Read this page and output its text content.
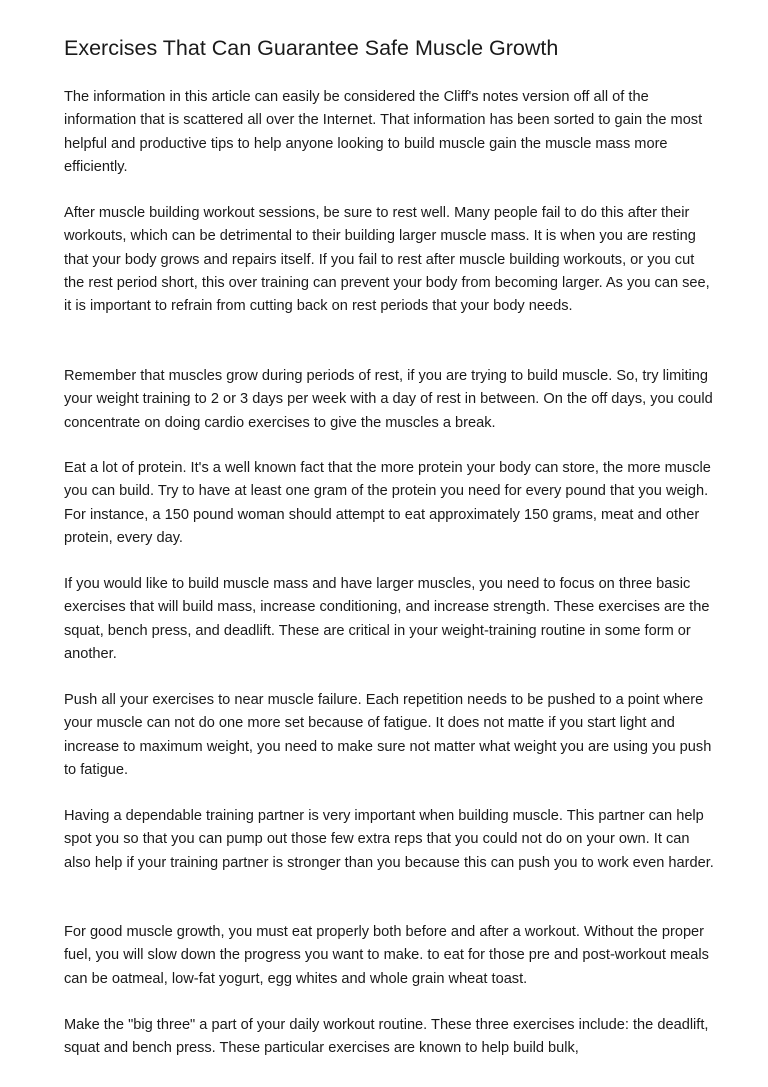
Exercises That Can Guarantee Safe Muscle Growth

The information in this article can easily be considered the Cliff's notes version off all of the information that is scattered all over the Internet. That information has been sorted to gain the most helpful and productive tips to help anyone looking to build muscle gain the muscle mass more efficiently.

After muscle building workout sessions, be sure to rest well. Many people fail to do this after their workouts, which can be detrimental to their building larger muscle mass. It is when you are resting that your body grows and repairs itself. If you fail to rest after muscle building workouts, or you cut the rest period short, this over training can prevent your body from becoming larger. As you can see, it is important to refrain from cutting back on rest periods that your body needs.

Remember that muscles grow during periods of rest, if you are trying to build muscle. So, try limiting your weight training to 2 or 3 days per week with a day of rest in between. On the off days, you could concentrate on doing cardio exercises to give the muscles a break.

Eat a lot of protein. It's a well known fact that the more protein your body can store, the more muscle you can build. Try to have at least one gram of the protein you need for every pound that you weigh. For instance, a 150 pound woman should attempt to eat approximately 150 grams, meat and other protein, every day.

If you would like to build muscle mass and have larger muscles, you need to focus on three basic exercises that will build mass, increase conditioning, and increase strength. These exercises are the squat, bench press, and deadlift. These are critical in your weight-training routine in some form or another.

Push all your exercises to near muscle failure. Each repetition needs to be pushed to a point where your muscle can not do one more set because of fatigue. It does not matte if you start light and increase to maximum weight, you need to make sure not matter what weight you are using you push to fatigue.

Having a dependable training partner is very important when building muscle. This partner can help spot you so that you can pump out those few extra reps that you could not do on your own. It can also help if your training partner is stronger than you because this can push you to work even harder.

For good muscle growth, you must eat properly both before and after a workout. Without the proper fuel, you will slow down the progress you want to make. to eat for those pre and post-workout meals can be oatmeal, low-fat yogurt, egg whites and whole grain wheat toast.

Make the "big three" a part of your daily workout routine. These three exercises include: the deadlift, squat and bench press. These particular exercises are known to help build bulk,
